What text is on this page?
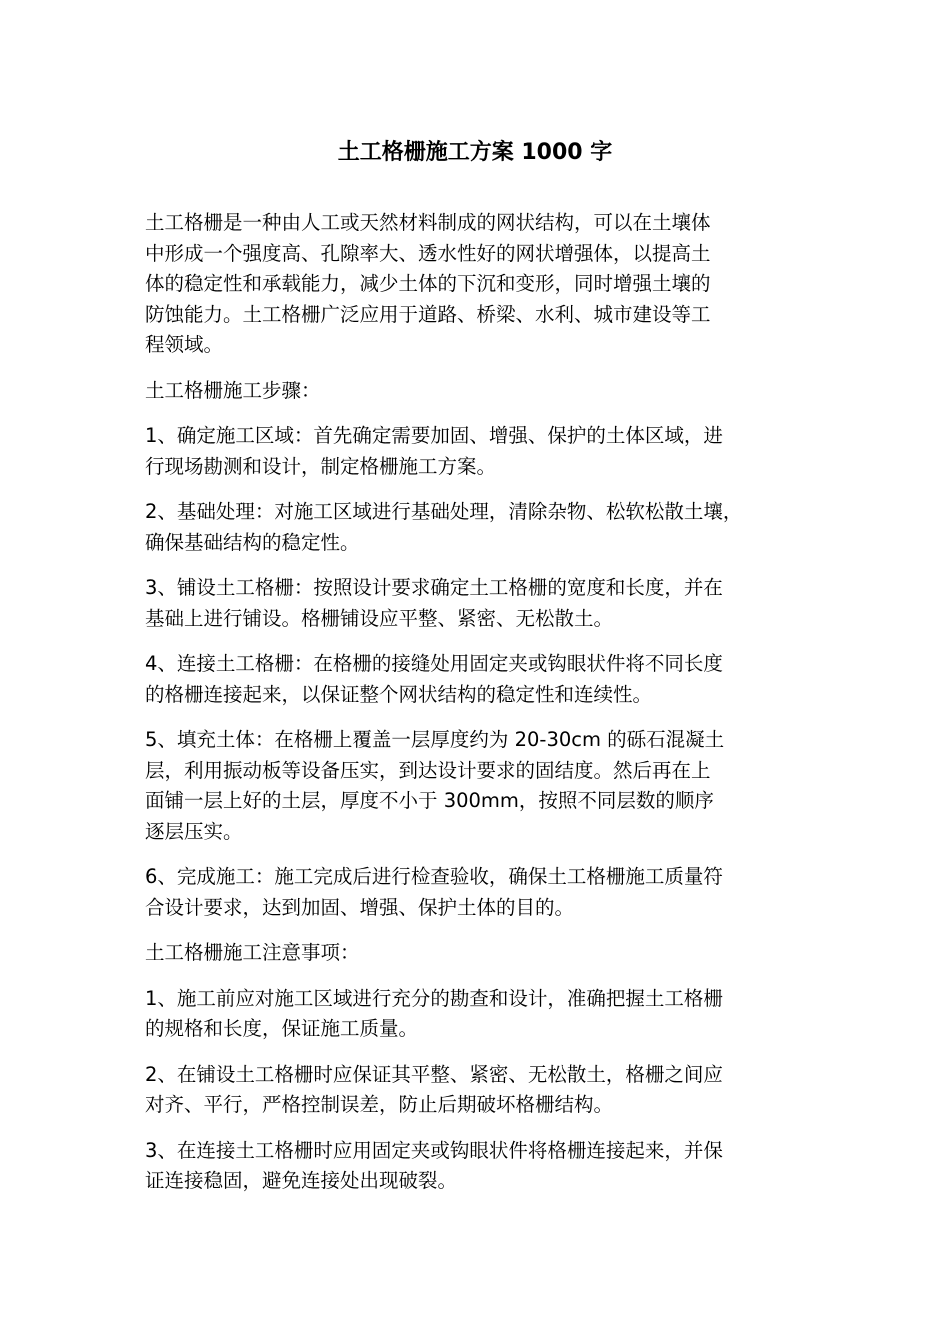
土工格栅施工方案 1000 字

土工格栅是一种由人工或天然材料制成的网状结构，可以在土壤体
中形成一个强度高、孔隙率大、透水性好的网状增强体，以提高土
体的稳定性和承载能力，减少土体的下沉和变形，同时增强土壤的
防蚀能力。土工格栅广泛应用于道路、桥梁、水利、城市建设等工
程领域。

土工格栅施工步骤：

1、确定施工区域：首先确定需要加固、增强、保护的土体区域，进
行现场勘测和设计，制定格栅施工方案。

2、基础处理：对施工区域进行基础处理，清除杂物、松软松散土壤，
确保基础结构的稳定性。

3、铺设土工格栅：按照设计要求确定土工格栅的宽度和长度，并在
基础上进行铺设。格栅铺设应平整、紧密、无松散土。

4、连接土工格栅：在格栅的接缝处用固定夹或钩眼状件将不同长度
的格栅连接起来，以保证整个网状结构的稳定性和连续性。

5、填充土体：在格栅上覆盖一层厚度约为 20-30cm 的砾石混凝土
层，利用振动板等设备压实，到达设计要求的固结度。然后再在上
面铺一层上好的土层，厚度不小于 300mm，按照不同层数的顺序
逐层压实。

6、完成施工：施工完成后进行检查验收，确保土工格栅施工质量符
合设计要求，达到加固、增强、保护土体的目的。

土工格栅施工注意事项：

1、施工前应对施工区域进行充分的勘查和设计，准确把握土工格栅
的规格和长度，保证施工质量。

2、在铺设土工格栅时应保证其平整、紧密、无松散土，格栅之间应
对齐、平行，严格控制误差，防止后期破坏格栅结构。

3、在连接土工格栅时应用固定夹或钩眼状件将格栅连接起来，并保
证连接稳固，避免连接处出现破裂。
